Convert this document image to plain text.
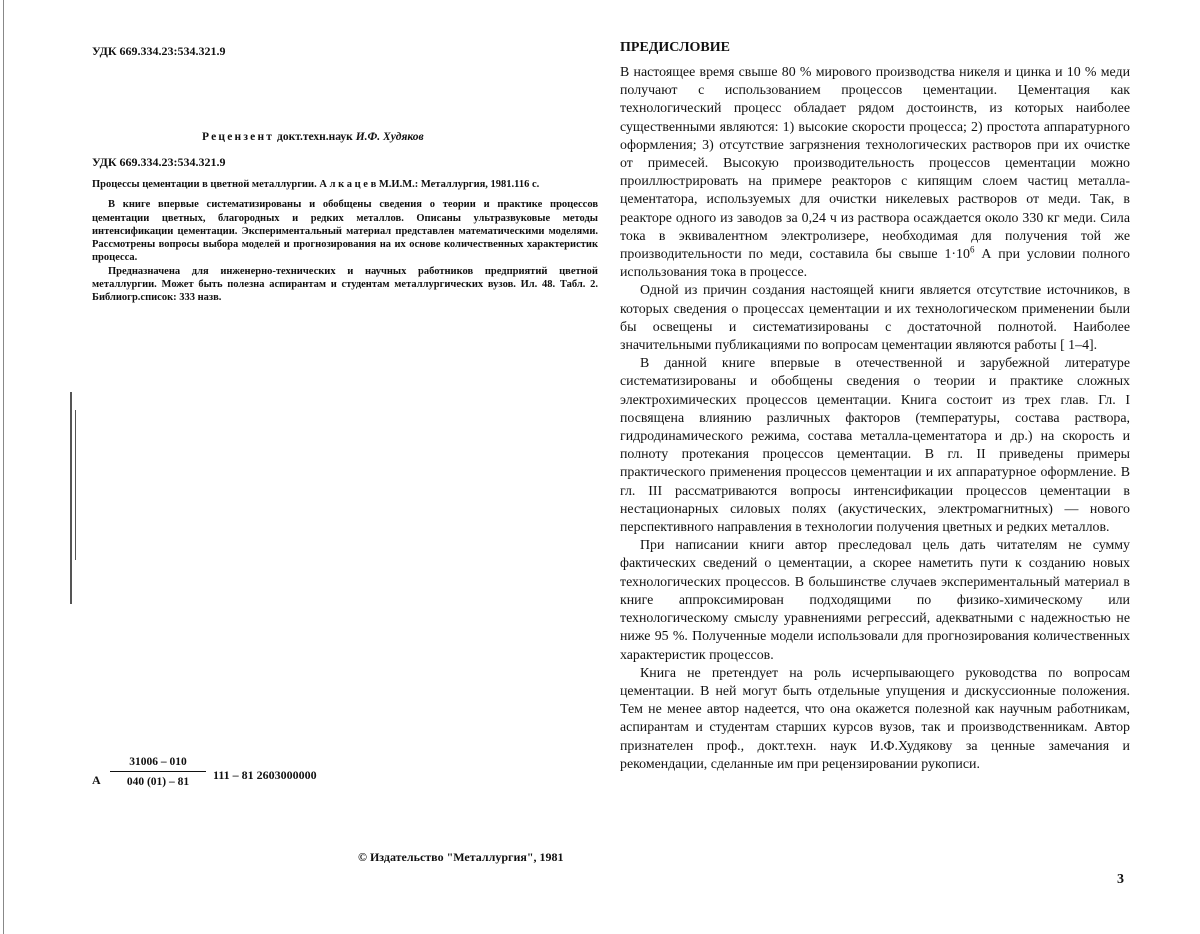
УДК 669.334.23:534.321.9
Рецензент докт.техн.наук И.Ф. Худяков
УДК 669.334.23:534.321.9

Процессы цементации в цветной металлургии. А л к а ц е в М.И.М.: Металлургия, 1981.116 с.

В книге впервые систематизированы и обобщены сведения о теории и практике процессов цементации цветных, благородных и редких металлов. Описаны ультразвуковые методы интенсификации цементации. Экспериментальный материал представлен математическими моделями. Рассмотрены вопросы выбора моделей и прогнозирования на их основе количественных характеристик процесса.

Предназначена для инженерно-технических и научных работников предприятий цветной металлургии. Может быть полезна аспирантам и студентам металлургических вузов. Ил. 48. Табл. 2. Библиогр.список: 333 назв.

А $\frac{31006 - 010}{040 (01) - 81} 111 - 81$ 2603000000
© Издательство "Металлургия", 1981
ПРЕДИСЛОВИЕ

В настоящее время свыше 80 % мирового производства никеля и цинка и 10 % меди получают с использованием процессов цементации. Цементация как технологический процесс обладает рядом достоинств, из которых наиболее существенными являются: 1) высокие скорости процесса; 2) простота аппаратурного оформления; 3) отсутствие загрязнения технологических растворов при их очистке от примесей. Высокую производительность процессов цементации можно проиллюстрировать на примере реакторов с кипящим слоем частиц металла-цементатора, используемых для очистки никелевых растворов от меди. Так, в реакторе одного из заводов за 0,24 ч из раствора осаждается около 330 кг меди. Сила тока в эквивалентном электролизере, необходимая для получения той же производительности по меди, составила бы свыше $1\cdot 10^6$ А при условии полного использования тока в процессе.

Одной из причин создания настоящей книги является отсутствие источников, в которых сведения о процессах цементации и их технологическом применении были бы освещены и систематизированы с достаточной полнотой. Наиболее значительными публикациями по вопросам цементации являются работы [ 1–4].

В данной книге впервые в отечественной и зарубежной литературе систематизированы и обобщены сведения о теории и практике сложных электрохимических процессов цементации. Книга состоит из трех глав. Гл. I посвящена влиянию различных факторов (температуры, состава раствора, гидродинамического режима, состава металла-цементатора и др.) на скорость и полноту протекания процессов цементации. В гл. II приведены примеры практического применения процессов цементации и их аппаратурное оформление. В гл. III рассматриваются вопросы интенсификации процессов цементации в нестационарных силовых полях (акустических, электромагнитных) — нового перспективного направления в технологии получения цветных и редких металлов.

При написании книги автор преследовал цель дать читателям не сумму фактических сведений о цементации, а скорее наметить пути к созданию новых технологических процессов. В большинстве случаев экспериментальный материал в книге аппроксимирован подходящими по физико-химическому или технологическому смыслу уравнениями регрессий, адекватными с надежностью не ниже 95 %. Полученные модели использовали для прогнозирования количественных характеристик процессов.

Книга не претендует на роль исчерпывающего руководства по вопросам цементации. В ней могут быть отдельные упущения и дискуссионные положения. Тем не менее автор надеется, что она окажется полезной как научным работникам, аспирантам и студентам старших курсов вузов, так и производственникам. Автор признателен проф., докт.техн. наук И.Ф.Худякову за ценные замечания и рекомендации, сделанные им при рецензировании рукописи.

3
